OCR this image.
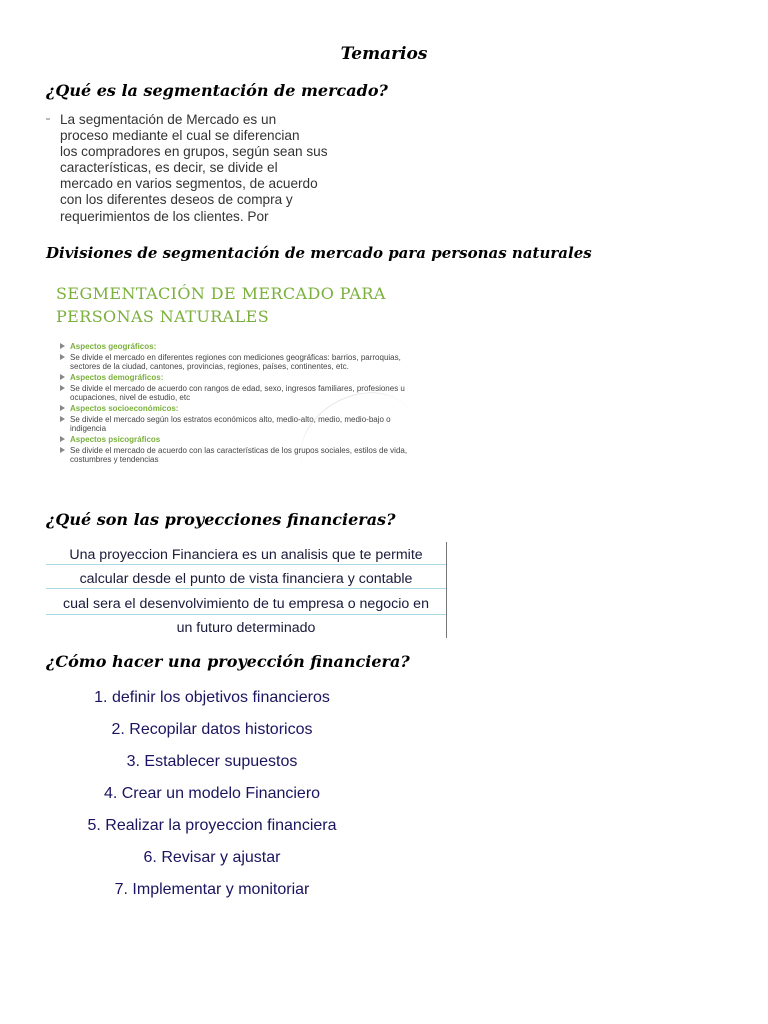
Temarios
¿Qué es la segmentación de mercado?
La segmentación de Mercado es un
proceso mediante el cual se diferencian
los compradores en grupos, según sean sus
características, es decir, se divide el
mercado en varios segmentos, de acuerdo
con los diferentes deseos de compra y
requerimientos de los clientes. Por
Divisiones de segmentación de mercado para personas naturales
SEGMENTACIÓN DE MERCADO PARA
PERSONAS NATURALES
Aspectos geográficos:
Se divide el mercado en diferentes regiones con mediciones geográficas: barrios, parroquias, sectores de la ciudad, cantones, provincias, regiones, países, continentes, etc.
Aspectos demográficos:
Se divide el mercado de acuerdo con rangos de edad, sexo, ingresos familiares, profesiones u ocupaciones, nivel de estudio, etc
Aspectos socioeconómicos:
Se divide el mercado según los estratos económicos alto, medio-alto, medio, medio-bajo o indigencia
Aspectos psicográficos
Se divide el mercado de acuerdo con las características de los grupos sociales, estilos de vida, costumbres y tendencias
¿Qué son las proyecciones financieras?
Una proyeccion Financiera es un analisis que te permite
calcular desde el punto de vista financiera y contable
cual sera el desenvolvimiento de tu empresa o negocio en
un futuro determinado
¿Cómo hacer una proyección financiera?
1. definir los objetivos financieros
2. Recopilar datos historicos
3. Establecer supuestos
4. Crear un modelo Financiero
5. Realizar la proyeccion financiera
6. Revisar y ajustar
7. Implementar y monitoriar
